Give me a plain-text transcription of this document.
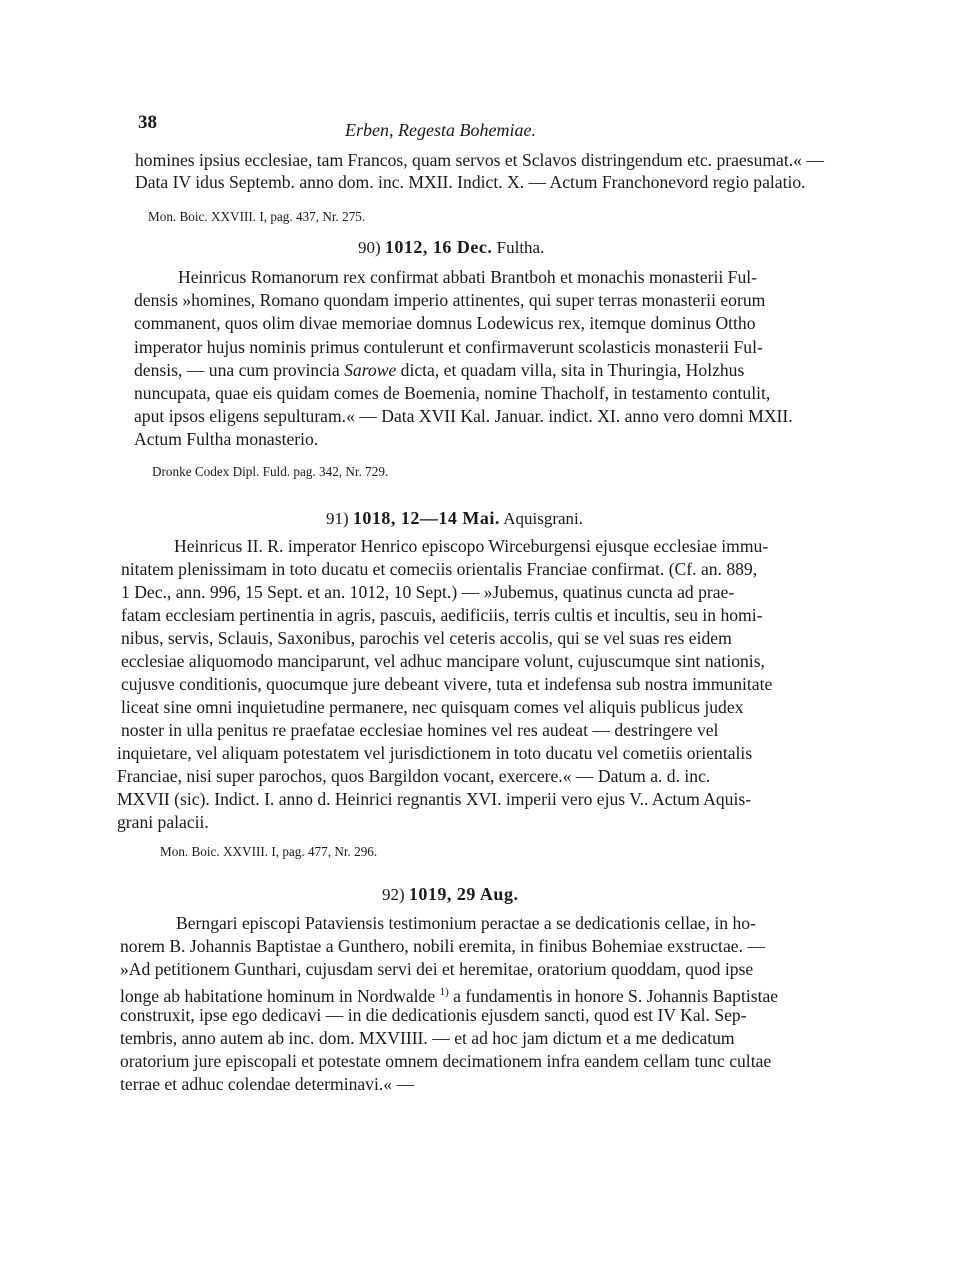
38	Erben, Regesta Bohemiae.
homines ipsius ecclesiae, tam Francos, quam servos et Sclavos distringendum etc. praesumat.« —
Data IV idus Septemb. anno dom. inc. MXII. Indict. X. — Actum Franchonevord regio palatio.
Mon. Boic. XXVIII. I, pag. 437, Nr. 275.
90) 1012, 16 Dec. Fultha.
Heinricus Romanorum rex confirmat abbati Brantboh et monachis monasterii Ful-
densis »homines, Romano quondam imperio attinentes, qui super terras monasterii eorum
commanent, quos olim divae memoriae domnus Lodewicus rex, itemque dominus Ottho
imperator hujus nominis primus contulerunt et confirmaverunt scolasticis monasterii Ful-
densis, — una cum provincia Sarowe dicta, et quadam villa, sita in Thuringia, Holzhus
nuncupata, quae eis quidam comes de Boemenia, nomine Thacholf, in testamento contulit,
aput ipsos eligens sepulturam.« — Data XVII Kal. Januar. indict. XI. anno vero domni MXII.
Actum Fultha monasterio.
Dronke Codex Dipl. Fuld. pag. 342, Nr. 729.
91) 1018, 12—14 Mai. Aquisgrani.
Heinricus II. R. imperator Henrico episcopo Wirceburgensi ejusque ecclesiae immu-
nitatem plenissimam in toto ducatu et comeciis orientalis Franciae confirmat. (Cf. an. 889,
1 Dec., ann. 996, 15 Sept. et an. 1012, 10 Sept.) — »Jubemus, quatinus cuncta ad prae-
fatam ecclesiam pertinentia in agris, pascuis, aedificiis, terris cultis et incultis, seu in homi-
nibus, servis, Sclauis, Saxonibus, parochis vel ceteris accolis, qui se vel suas res eidem
ecclesiae aliquomodo manciparunt, vel adhuc mancipare volunt, cujuscumque sint nationis,
cujusve conditionis, quocumque jure debeant vivere, tuta et indefensa sub nostra immunitate
liceat sine omni inquietudine permanere, nec quisquam comes vel aliquis publicus judex
noster in ulla penitus re praefatae ecclesiae homines vel res audeat — destringere vel
inquietare, vel aliquam potestatem vel jurisdictionem in toto ducatu vel cometiis orientalis
Franciae, nisi super parochos, quos Bargildon vocant, exercere.« — Datum a. d. inc.
MXVII (sic). Indict. I. anno d. Heinrici regnantis XVI. imperii vero ejus V.. Actum Aquis-
grani palacii.
Mon. Boic. XXVIII. I, pag. 477, Nr. 296.
92) 1019, 29 Aug.
Berngari episcopi Pataviensis testimonium peractae a se dedicationis cellae, in ho-
norem B. Johannis Baptistae a Gunthero, nobili eremita, in finibus Bohemiae exstructae. —
»Ad petitionem Gunthari, cujusdam servi dei et heremitae, oratorium quoddam, quod ipse
longe ab habitatione hominum in Nordwalde $^{1)}$ a fundamentis in honore S. Johannis Baptistae
construxit, ipse ego dedicavi — in die dedicationis ejusdem sancti, quod est IV Kal. Sep-
tembris, anno autem ab inc. dom. MXVIIII. — et ad hoc jam dictum et a me dedicatum
oratorium jure episcopali et potestate omnem decimationem infra eandem cellam tunc cultae
terrae et adhuc colendae determinavi.« —
